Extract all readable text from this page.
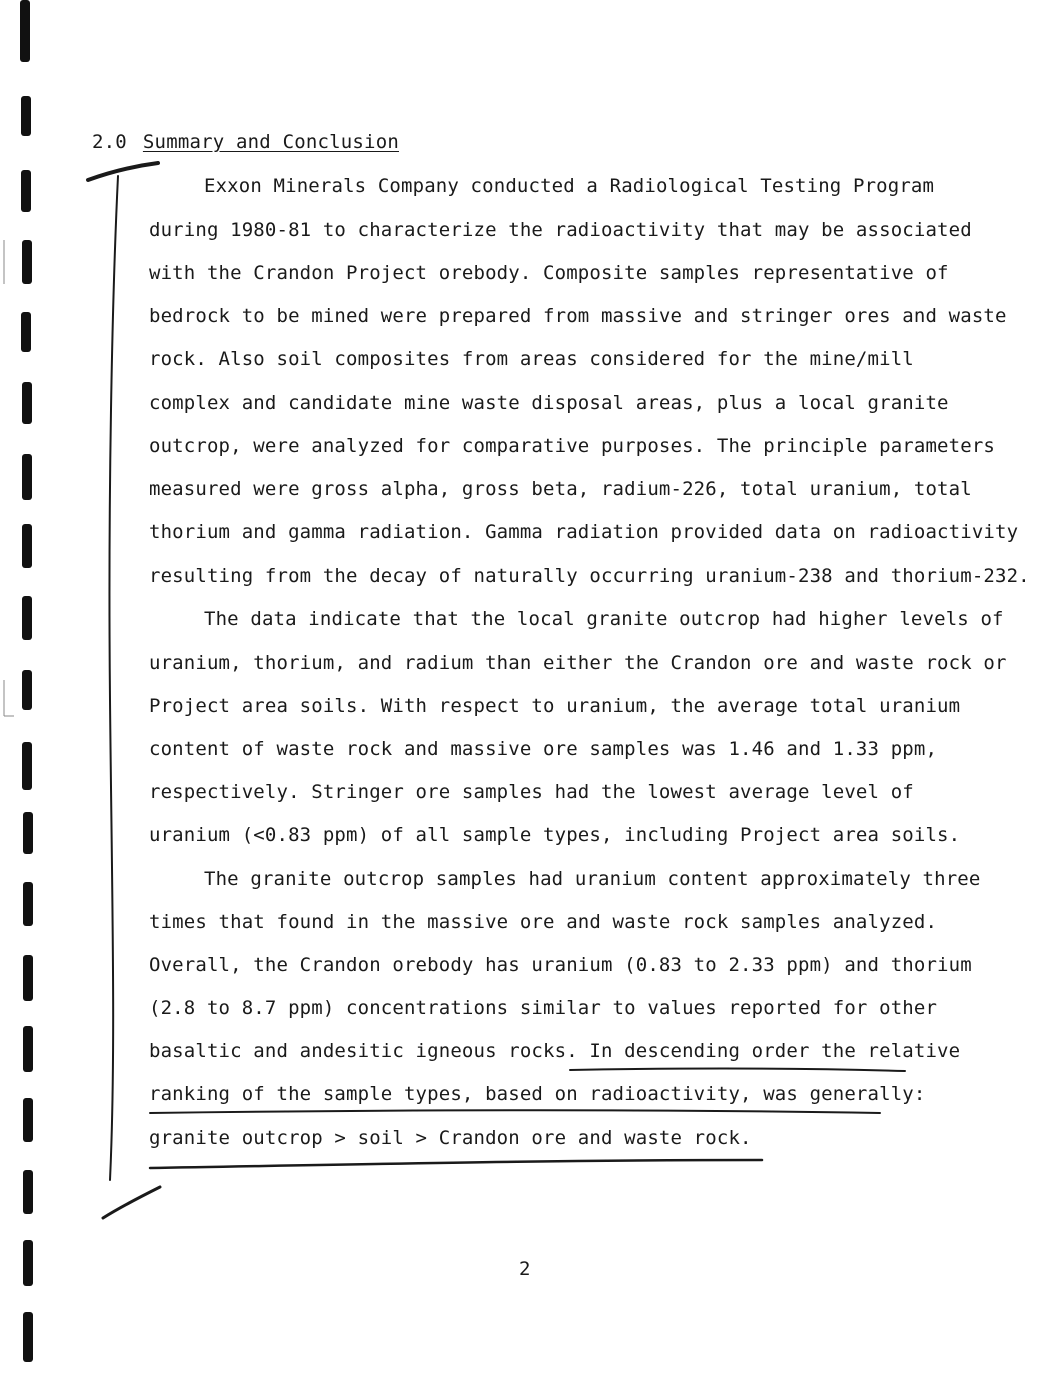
2.0 Summary and Conclusion
Exxon Minerals Company conducted a Radiological Testing Program
during 1980-81 to characterize the radioactivity that may be associated
with the Crandon Project orebody. Composite samples representative of
bedrock to be mined were prepared from massive and stringer ores and waste
rock. Also soil composites from areas considered for the mine/mill
complex and candidate mine waste disposal areas, plus a local granite
outcrop, were analyzed for comparative purposes. The principle parameters
measured were gross alpha, gross beta, radium-226, total uranium, total
thorium and gamma radiation. Gamma radiation provided data on radioactivity
resulting from the decay of naturally occurring uranium-238 and thorium-232.
The data indicate that the local granite outcrop had higher levels of
uranium, thorium, and radium than either the Crandon ore and waste rock or
Project area soils. With respect to uranium, the average total uranium
content of waste rock and massive ore samples was 1.46 and 1.33 ppm,
respectively. Stringer ore samples had the lowest average level of
uranium (<0.83 ppm) of all sample types, including Project area soils.
The granite outcrop samples had uranium content approximately three
times that found in the massive ore and waste rock samples analyzed.
Overall, the Crandon orebody has uranium (0.83 to 2.33 ppm) and thorium
(2.8 to 8.7 ppm) concentrations similar to values reported for other
basaltic and andesitic igneous rocks. In descending order the relative
ranking of the sample types, based on radioactivity, was generally:
granite outcrop > soil > Crandon ore and waste rock.
2
